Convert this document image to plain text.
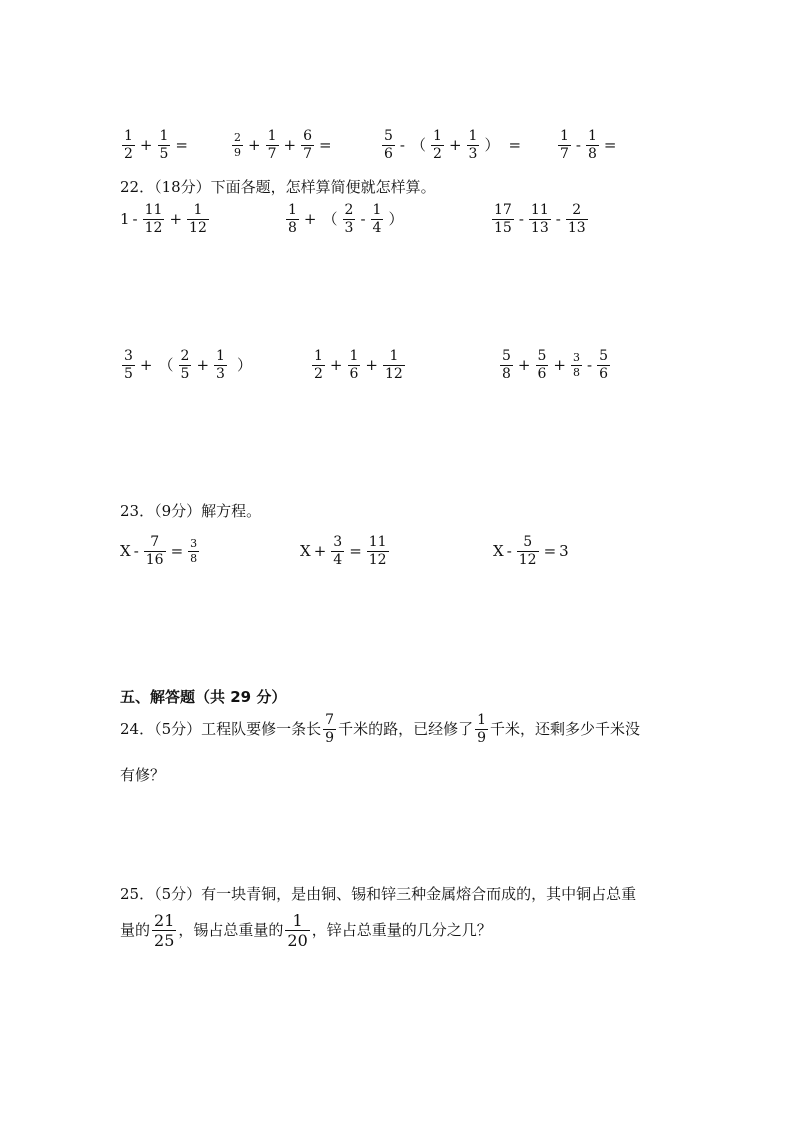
$\frac{1}{2} + \frac{1}{5}$ =	$\frac{2}{9} + \frac{1}{7} + \frac{6}{7}$ =	$\frac{5}{6}$ - （ $\frac{1}{2} + \frac{1}{3}$ ） =	$\frac{1}{7} - \frac{1}{8}$ =
22．（18分）下面各题，怎样算简便就怎样算。
$1 - \frac{11}{12} + \frac{1}{12}$	$\frac{1}{8}$ + （ $\frac{2}{3} - \frac{1}{4}$ ）	$\frac{17}{15} - \frac{11}{13} - \frac{2}{13}$
$\frac{3}{5}$ + （ $\frac{2}{5} + \frac{1}{3}$ ）	$\frac{1}{2} + \frac{1}{6} + \frac{1}{12}$	$\frac{5}{8} + \frac{5}{6} + \frac{3}{8} - \frac{5}{6}$
23．（9分）解方程。
$X - \frac{7}{16} = \frac{3}{8}$	$X + \frac{3}{4} = \frac{11}{12}$	$X - \frac{5}{12} = 3$
五、解答题（共 29 分）
24．（5分）工程队要修一条长 $\frac{7}{9}$ 千米的路，已经修了 $\frac{1}{9}$ 千米，还剩多少千米没
有修？
25．（5分）有一块青铜，是由铜、锡和锌三种金属熔合而成的，其中铜占总重
量的 $\frac{21}{25}$ ，锡占总重量的 $\frac{1}{20}$ ，锌占总重量的几分之几？
